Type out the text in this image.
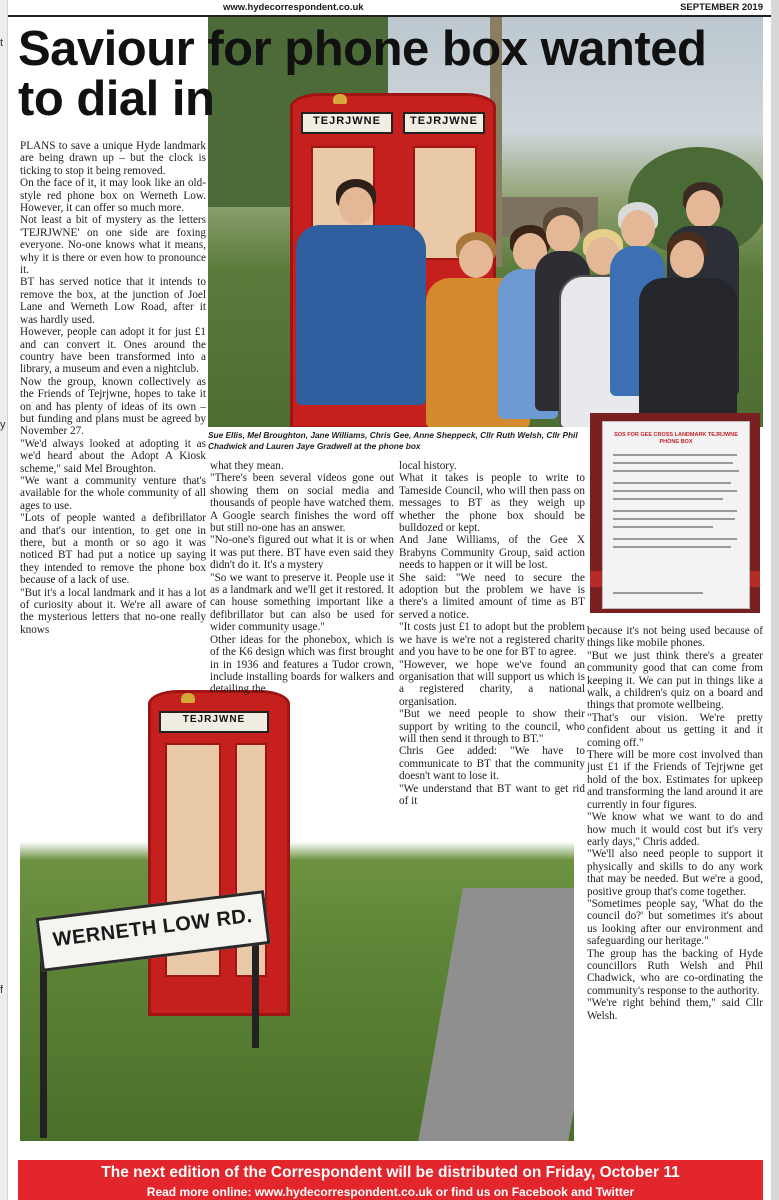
t
y
f
www.hydecorrespondent.co.uk	SEPTEMBER 2019
TEJRJWNE	TEJRJWNE
Saviour for phone box wanted to dial in
Sue Ellis, Mel Broughton, Jane Williams, Chris Gee, Anne Sheppeck, Cllr Ruth Welsh, Cllr Phil Chadwick and Lauren Jaye Gradwell at the phone box
SOS FOR GEE CROSS LANDMARK TEJRJWNE PHONE BOX
TEJRJWNE
WERNETH LOW RD.

PLANS to save a unique Hyde landmark are being drawn up – but the clock is ticking to stop it being removed.

On the face of it, it may look like an old-style red phone box on Werneth Low. However, it can offer so much more.

Not least a bit of mystery as the letters 'TEJRJWNE' on one side are foxing everyone. No-one knows what it means, why it is there or even how to pronounce it.

BT has served notice that it intends to remove the box, at the junction of Joel Lane and Werneth Low Road, after it was hardly used.

However, people can adopt it for just £1 and can convert it. Ones around the country have been transformed into a library, a museum and even a nightclub.

Now the group, known collectively as the Friends of Tejrjwne, hopes to take it on and has plenty of ideas of its own – but funding and plans must be agreed by November 27.

"We'd always looked at adopting it as we'd heard about the Adopt A Kiosk scheme," said Mel Broughton.

"We want a community venture that's available for the whole community of all ages to use.

"Lots of people wanted a defibrillator and that's our intention, to get one in there, but a month or so ago it was noticed BT had put a notice up saying they intended to remove the phone box because of a lack of use.

"But it's a local landmark and it has a lot of curiosity about it. We're all aware of the mysterious letters that no-one really knows

what they mean.

"There's been several videos gone out showing them on social media and thousands of people have watched them. A Google search finishes the word off but still no-one has an answer.

"No-one's figured out what it is or when it was put there. BT have even said they didn't do it. It's a mystery

"So we want to preserve it. People use it as a landmark and we'll get it restored. It can house something important like a defibrillator but can also be used for wider community usage."

Other ideas for the phonebox, which is of the K6 design which was first brought in in 1936 and features a Tudor crown, include installing boards for walkers and detailing the

local history.

What it takes is people to write to Tameside Council, who will then pass on messages to BT as they weigh up whether the phone box should be bulldozed or kept.

And Jane Williams, of the Gee X Brabyns Community Group, said action needs to happen or it will be lost.

She said: "We need to secure the adoption but the problem we have is there's a limited amount of time as BT served a notice.

"It costs just £1 to adopt but the problem we have is we're not a registered charity and you have to be one for BT to agree.

"However, we hope we've found an organisation that will support us which is a registered charity, a national organisation.

"But we need people to show their support by writing to the council, who will then send it through to BT."

Chris Gee added: "We have to communicate to BT that the community doesn't want to lose it.

"We understand that BT want to get rid of it

because it's not being used because of things like mobile phones.

"But we just think there's a greater community good that can come from keeping it. We can put in things like a walk, a children's quiz on a board and things that promote wellbeing.

"That's our vision. We're pretty confident about us getting it and it coming off."

There will be more cost involved than just £1 if the Friends of Tejrjwne get hold of the box. Estimates for upkeep and transforming the land around it are currently in four figures.

"We know what we want to do and how much it would cost but it's very early days," Chris added.

"We'll also need people to support it physically and skills to do any work that may be needed. But we're a good, positive group that's come together.

"Sometimes people say, 'What do the council do?' but sometimes it's about us looking after our environment and safeguarding our heritage."

The group has the backing of Hyde councillors Ruth Welsh and Phil Chadwick, who are co-ordinating the community's response to the authority.

"We're right behind them," said Cllr Welsh.

The next edition of the Correspondent will be distributed on Friday, October 11
Read more online: www.hydecorrespondent.co.uk or find us on Facebook and Twitter
